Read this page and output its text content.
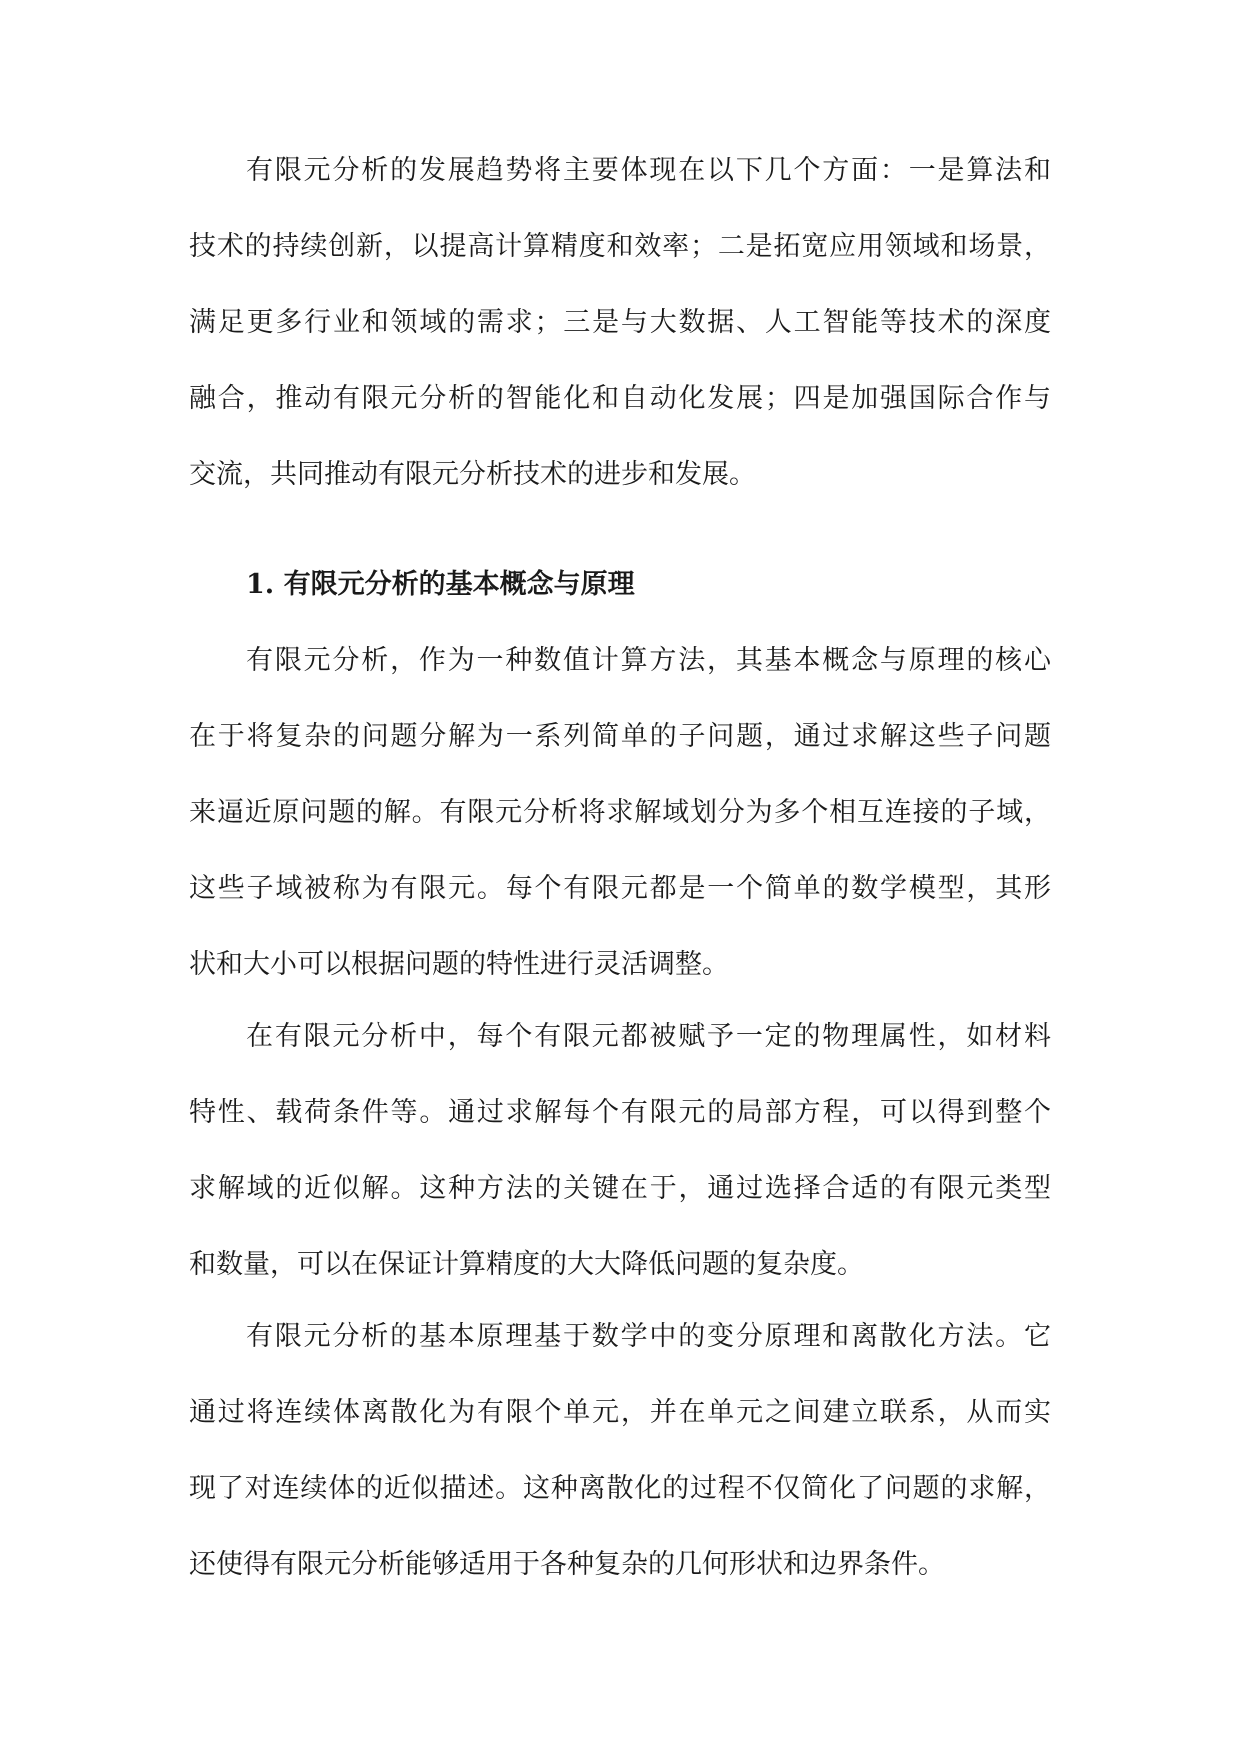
有限元分析的发展趋势将主要体现在以下几个方面：一是算法和
技术的持续创新，以提高计算精度和效率；二是拓宽应用领域和场景，
满足更多行业和领域的需求；三是与大数据、人工智能等技术的深度
融合，推动有限元分析的智能化和自动化发展；四是加强国际合作与
交流，共同推动有限元分析技术的进步和发展。
1. 有限元分析的基本概念与原理
有限元分析，作为一种数值计算方法，其基本概念与原理的核心
在于将复杂的问题分解为一系列简单的子问题，通过求解这些子问题
来逼近原问题的解。有限元分析将求解域划分为多个相互连接的子域，
这些子域被称为有限元。每个有限元都是一个简单的数学模型，其形
状和大小可以根据问题的特性进行灵活调整。
在有限元分析中，每个有限元都被赋予一定的物理属性，如材料
特性、载荷条件等。通过求解每个有限元的局部方程，可以得到整个
求解域的近似解。这种方法的关键在于，通过选择合适的有限元类型
和数量，可以在保证计算精度的大大降低问题的复杂度。
有限元分析的基本原理基于数学中的变分原理和离散化方法。它
通过将连续体离散化为有限个单元，并在单元之间建立联系，从而实
现了对连续体的近似描述。这种离散化的过程不仅简化了问题的求解，
还使得有限元分析能够适用于各种复杂的几何形状和边界条件。
